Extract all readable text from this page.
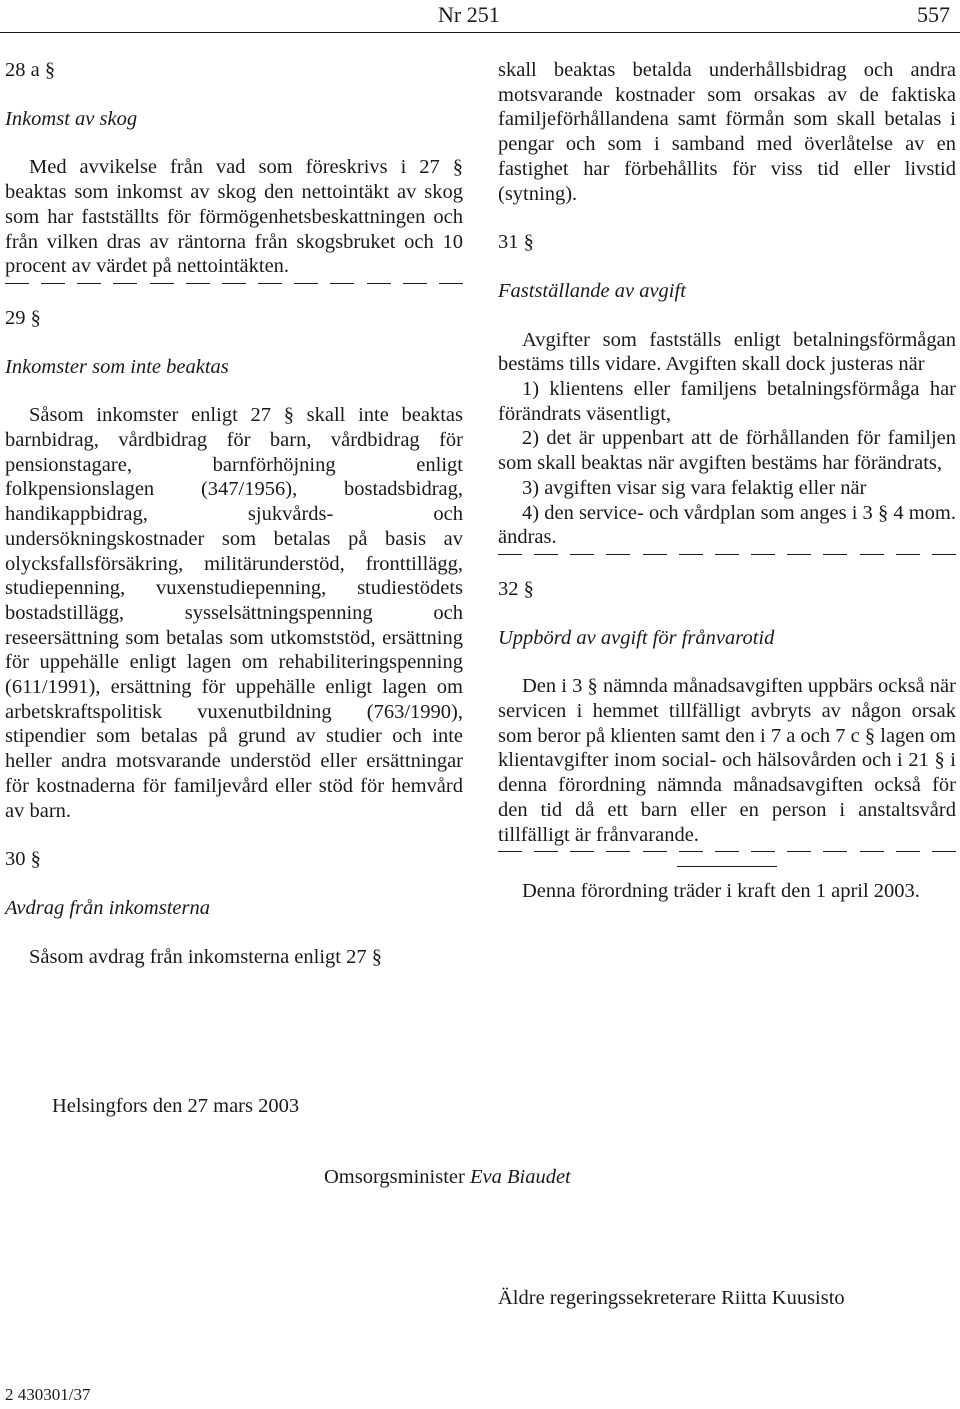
Nr 251	557

28 a §

Inkomst av skog

Med avvikelse från vad som föreskrivs i 27 § beaktas som inkomst av skog den nettointäkt av skog som har fastställts för förmögenhetsbeskattningen och från vilken dras av räntorna från skogsbruket och 10 procent av värdet på nettointäkten.

29 §

Inkomster som inte beaktas

Såsom inkomster enligt 27 § skall inte beaktas barnbidrag, vårdbidrag för barn, vårdbidrag för pensionstagare, barnförhöjning enligt folkpensionslagen (347/1956), bostadsbidrag, handikappbidrag, sjukvårds- och undersökningskostnader som betalas på basis av olycksfallsförsäkring, militärunderstöd, fronttillägg, studiepenning, vuxenstudiepenning, studiestödets bostadstillägg, sysselsättningspenning och reseersättning som betalas som utkomststöd, ersättning för uppehälle enligt lagen om rehabiliteringspenning (611/1991), ersättning för uppehälle enligt lagen om arbetskraftspolitisk vuxenutbildning (763/1990), stipendier som betalas på grund av studier och inte heller andra motsvarande understöd eller ersättningar för kostnaderna för familjevård eller stöd för hemvård av barn.

30 §

Avdrag från inkomsterna

Såsom avdrag från inkomsterna enligt 27 §

skall beaktas betalda underhållsbidrag och andra motsvarande kostnader som orsakas av de faktiska familjeförhållandena samt förmån som skall betalas i pengar och som i samband med överlåtelse av en fastighet har förbehållits för viss tid eller livstid (sytning).

31 §

Fastställande av avgift

Avgifter som fastställs enligt betalningsförmågan bestäms tills vidare. Avgiften skall dock justeras när

1) klientens eller familjens betalningsförmåga har förändrats väsentligt,

2) det är uppenbart att de förhållanden för familjen som skall beaktas när avgiften bestäms har förändrats,

3) avgiften visar sig vara felaktig eller när

4) den service- och vårdplan som anges i 3 § 4 mom. ändras.

32 §

Uppbörd av avgift för frånvarotid

Den i 3 § nämnda månadsavgiften uppbärs också när servicen i hemmet tillfälligt avbryts av någon orsak som beror på klienten samt den i 7 a och 7 c § lagen om klientavgifter inom social- och hälsovården och i 21 § i denna förordning nämnda månadsavgiften också för den tid då ett barn eller en person i anstaltsvård tillfälligt är frånvarande.

Denna förordning träder i kraft den 1 april 2003.

Helsingfors den 27 mars 2003
Omsorgsminister Eva Biaudet
Äldre regeringssekreterare Riitta Kuusisto
2 430301/37
